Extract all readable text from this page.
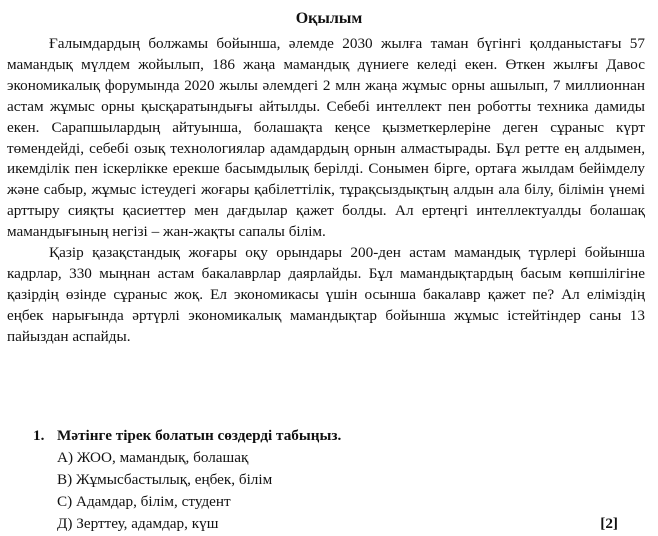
Оқылым

Ғалымдардың болжамы бойынша, әлемде 2030 жылға таман бүгінгі қолданыстағы 57 мамандық мүлдем жойылып, 186 жаңа мамандық дүниеге келеді екен. Өткен жылғы Давос экономикалық форумында 2020 жылы әлемдегі 2 млн жаңа жұмыс орны ашылып, 7 миллионнан астам жұмыс орны қысқаратындығы айтылды. Себебі интеллект пен роботты техника дамиды екен. Сарапшылардың айтуынша, болашақта кеңсе қызметкерлеріне деген сұраныс күрт төмендейді, себебі озық технологиялар адамдардың орнын алмастырады. Бұл ретте ең алдымен, икемділік пен іскерлікке ерекше басымдылық берілді. Сонымен бірге, ортаға жылдам бейімделу және сабыр, жұмыс істеудегі жоғары қабілеттілік, тұрақсыздықтың алдын ала білу, білімін үнемі арттыру сияқты қасиеттер мен дағдылар қажет болды. Ал ертеңгі интеллектуалды болашақ мамандығының негізі – жан-жақты сапалы білім.

Қазір қазақстандық жоғары оқу орындары 200-ден астам мамандық түрлері бойынша кадрлар, 330 мыңнан астам бакалаврлар даярлайды. Бұл мамандықтардың басым көпшілігіне қазірдің өзінде сұраныс жоқ. Ел экономикасы үшін осынша бакалавр қажет пе? Ал еліміздің еңбек нарығында әртүрлі экономикалық мамандықтар бойынша жұмыс істейтіндер саны 13 пайыздан аспайды.

1. Мәтінге тірек болатын сөздерді табыңыз.

А) ЖОО, мамандық, болашақ
В) Жұмысбастылық, еңбек, білім
С) Адамдар, білім, студент
Д) Зерттеу, адамдар, күш	[2]
